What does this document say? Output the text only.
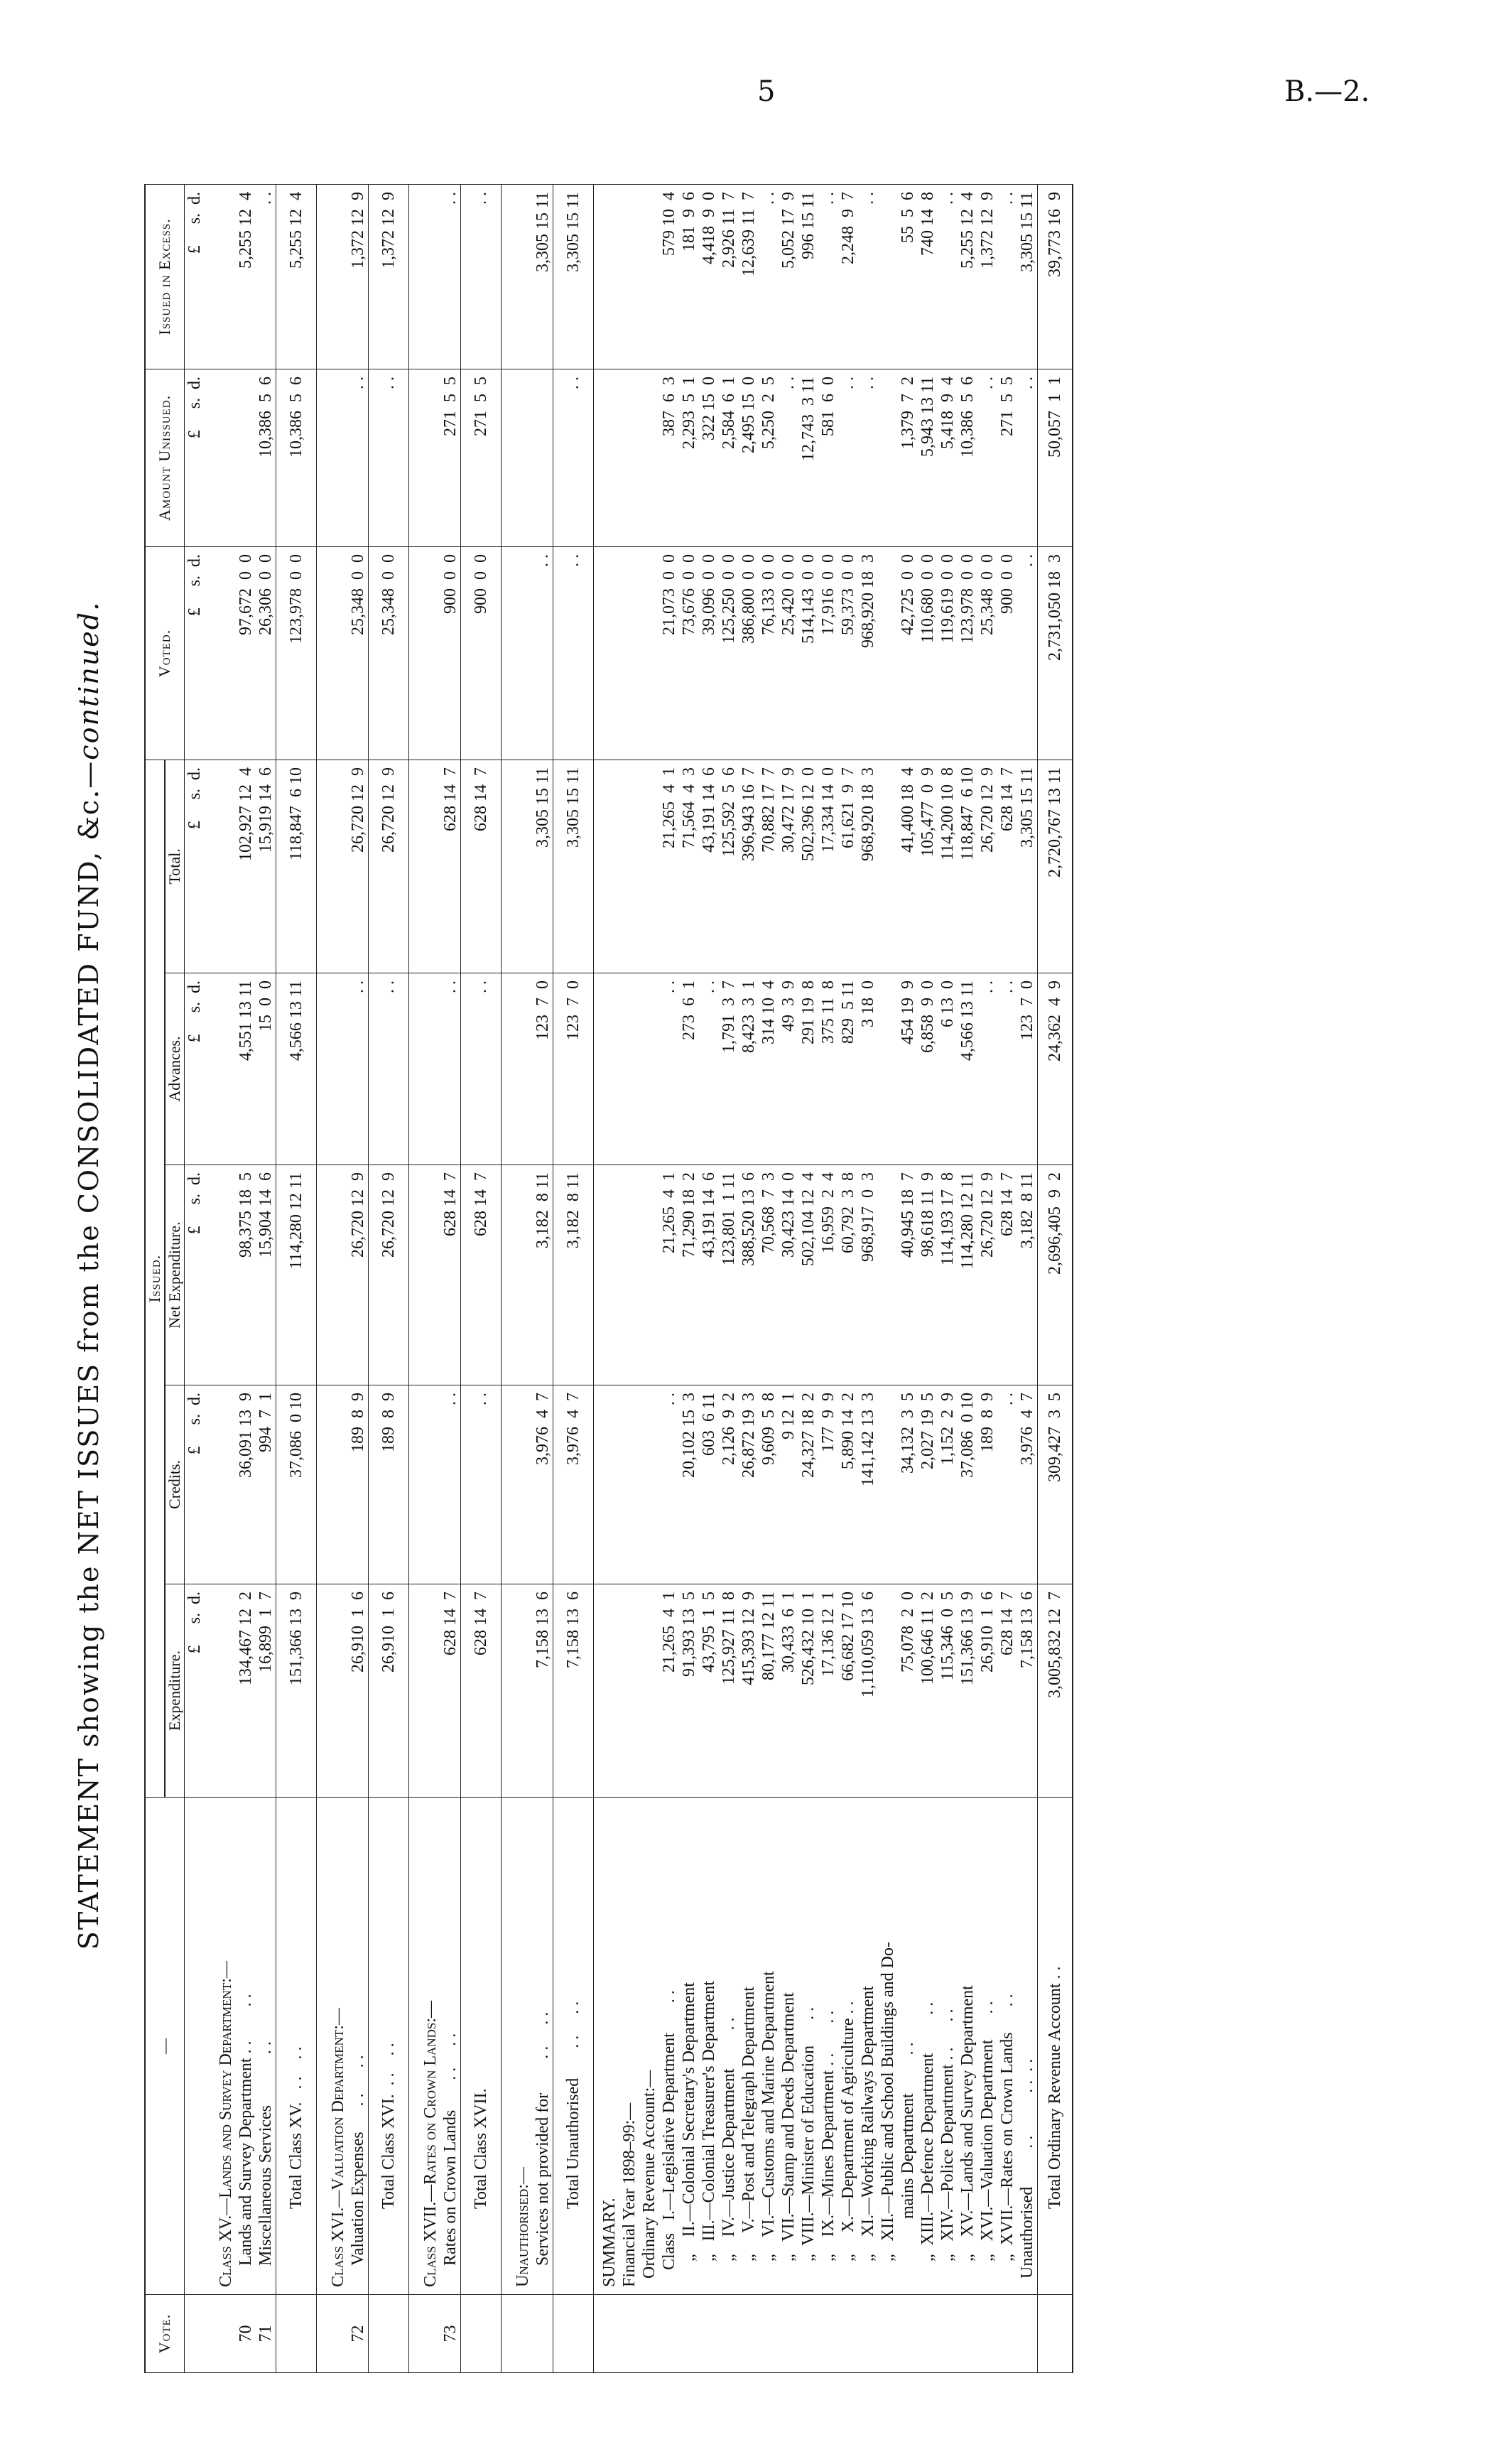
5	B.—2.
STATEMENT showing the NET ISSUES from the CONSOLIDATED FUND, &c.—continued.
Vote.	—	Issued.					Voted.	Amount Unissued.	Issued in Excess.
		Expenditure.	Credits.	Net Expenditure.	Advances.	Total.			
		£     s.  d.	£     s.  d.	£     s.  d.	£     s.  d.	£     s.  d.	£     s.  d.	£     s.  d.	£     s.  d.

	Class XV.—Lands and Survey Department:—								
70	Lands and Survey Department . .        . .	134,467 12  2	36,091 13  9	98,375 18  5	4,551 13 11	102,927 12  4	97,672  0  0		5,255 12  4
71	Miscellaneous Services            . .	16,899  1  7	994  7  1	15,904 14  6	15  0  0	15,919 14  6	26,306  0  0	10,386  5  6	. .
	Total Class XV.   . .    . .	151,366 13  9	37,086  0 10	114,280 12 11	4,566 13 11	118,847  6 10	123,978  0  0	10,386  5  6	5,255 12  4

	Class XVI.—Valuation Department:—								
72	Valuation Expenses      . .      . .	26,910  1  6	189  8  9	26,720 12  9	. .	26,720 12  9	25,348  0  0	. .	1,372 12  9
	Total Class XVI.  . .    . .	26,910  1  6	189  8  9	26,720 12  9	. .	26,720 12  9	25,348  0  0	. .	1,372 12  9

	Class XVII.—Rates on Crown Lands:—								
73	Rates on Crown Lands       . .     . .	628 14  7	. .	628 14  7	. .	628 14  7	900  0  0	271  5  5	. .
	Total Class XVII.	628 14  7	. .	628 14  7	. .	628 14  7	900  0  0	271  5  5	. .

	Unauthorised:—								
	Services not provided for        . .     . .	7,158 13  6	3,976  4  7	3,182  8 11	123  7  0	3,305 15 11	. .		3,305 15 11
	Total Unauthorised       . .     . .	7,158 13  6	3,976  4  7	3,182  8 11	123  7  0	3,305 15 11	. .	. .	3,305 15 11
	SUMMARY.								
	Financial Year 1898–99:—								
	Ordinary Revenue Account:—								
	Class   I.—Legislative Department       . .	21,265  4  1	. .	21,265  4  1	. .	21,265  4  1	21,073  0  0	387  6  3	579 10  4
	„    II.—Colonial Secretary's Department	91,393 13  5	20,102 15  3	71,290 18  2	273  6  1	71,564  4  3	73,676  0  0	2,293  5  1	181  9  6
	„   III.—Colonial Treasurer's Department	43,795  1  5	603  6 11	43,191 14  6	. .	43,191 14  6	39,096  0  0	322 15  0	4,418  9  0
	„    IV.—Justice Department         . .	125,927 11  8	2,126  9  2	123,801  1 11	1,791  3  7	125,592  5  6	125,250  0  0	2,584  6  1	2,926 11  7
	„     V.—Post and Telegraph Department	415,393 12  9	26,872 19  3	388,520 13  6	8,423  3  1	396,943 16  7	386,800  0  0	2,495 15  0	12,639 11  7
	„    VI.—Customs and Marine Department	80,177 12 11	9,609  5  8	70,568  7  3	314 10  4	70,882 17  7	76,133  0  0	5,250  2  5	. .
	„   VII.—Stamp and Deeds Department	30,433  6  1	9 12  1	30,423 14  0	49  3  9	30,472 17  9	25,420  0  0	. .	5,052 17  9
	„  VIII.—Minister of Education      . .	526,432 10  1	24,327 18  2	502,104 12  4	291 19  8	502,396 12  0	514,143  0  0	12,743  3 11	996 15 11
	„    IX.—Mines Department . .       . .	17,136 12  1	177  9  9	16,959  2  4	375 11  8	17,334 14  0	17,916  0  0	581  6  0	. .
	„     X.—Department of Agriculture . .	66,682 17 10	5,890 14  2	60,792  3  8	829  5 11	61,621  9  7	59,373  0  0	. .	2,248  9  7
	„    XI.—Working Railways Department	1,110,059 13  6	141,142 13  3	968,917  0  3	3 18  0	968,920 18  3	968,920 18  3	. .	. .
	„   XII.—Public and School Buildings and Do-								
	mains Department         . .	75,078  2  0	34,132  3  5	40,945 18  7	454 19  9	41,400 18  4	42,725  0  0	1,379  7  2	55  5  6
	„  XIII.—Defence Department         . .	100,646 11  2	2,027 19  5	98,618 11  9	6,858  9  0	105,477  0  9	110,680  0  0	5,943 13 11	740 14  8
	„   XIV.—Police Department . .      . .	115,346  0  5	1,152  2  9	114,193 17  8	6 13  0	114,200 10  8	119,619  0  0	5,418  9  4	. .
	„    XV.—Lands and Survey Department	151,366 13  9	37,086  0 10	114,280 12 11	4,566 13 11	118,847  6 10	123,978  0  0	10,386  5  6	5,255 12  4
	„   XVI.—Valuation Department      . .	26,910  1  6	189  8  9	26,720 12  9	. .	26,720 12  9	25,348  0  0	. .	1,372 12  9
	„  XVII.—Rates on Crown Lands      . .	628 14  7	. .	628 14  7	. .	628 14  7	900  0  0	271  5  5	. .
	Unauthorised         . .          . .  . .	7,158 13  6	3,976  4  7	3,182  8 11	123  7  0	3,305 15 11	. .	. .	3,305 15 11
	Total Ordinary Revenue Account . .	3,005,832 12  7	309,427  3  5	2,696,405  9  2	24,362  4  9	2,720,767 13 11	2,731,050 18  3	50,057  1  1	39,773 16  9
